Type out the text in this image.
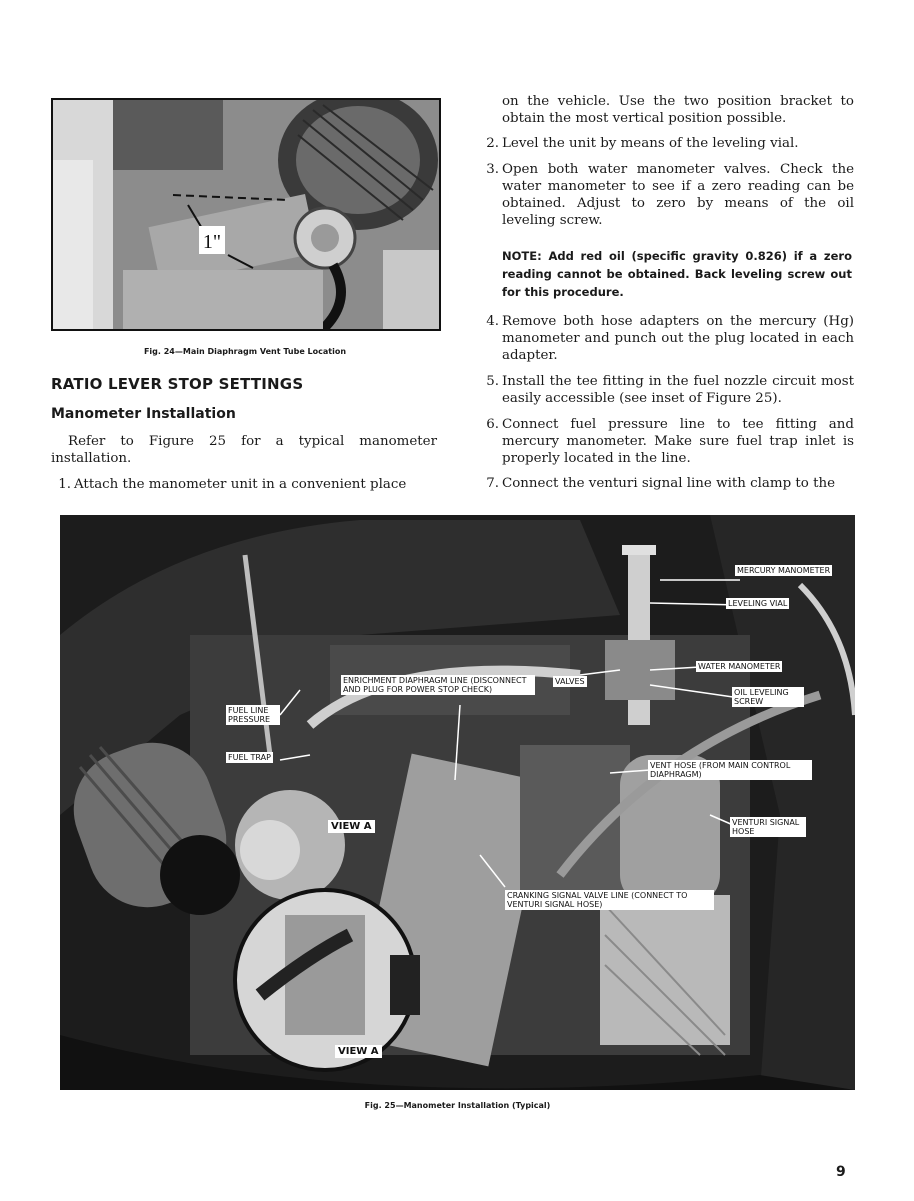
1"
Fig. 24—Main Diaphragm Vent Tube Location
RATIO LEVER STOP SETTINGS
Manometer Installation
Refer to Figure 25 for a typical manometer installation.
1. Attach the manometer unit in a convenient place
on the vehicle. Use the two position bracket to obtain the most vertical position possible.
2. Level the unit by means of the leveling vial.
3. Open both water manometer valves. Check the water manometer to see if a zero reading can be obtained. Adjust to zero by means of the oil leveling screw.
NOTE: Add red oil (specific gravity 0.826) if a zero reading cannot be obtained. Back leveling screw out for this procedure.
4. Remove both hose adapters on the mercury (Hg) manometer and punch out the plug located in each adapter.
5. Install the tee fitting in the fuel nozzle circuit most easily accessible (see inset of Figure 25).
6. Connect fuel pressure line to tee fitting and mercury manometer. Make sure fuel trap inlet is properly located in the line.
7. Connect the venturi signal line with clamp to the
MERCURY MANOMETER
LEVELING VIAL
WATER MANOMETER
VALVES
OIL LEVELING SCREW
ENRICHMENT DIAPHRAGM LINE (DISCONNECT AND PLUG FOR POWER STOP CHECK)
FUEL LINE PRESSURE
FUEL TRAP
VENT HOSE (FROM MAIN CONTROL DIAPHRAGM)
VENTURI SIGNAL HOSE
CRANKING SIGNAL VALVE LINE (CONNECT TO VENTURI SIGNAL HOSE)
VIEW A
VIEW A
Fig. 25—Manometer Installation (Typical)
9
